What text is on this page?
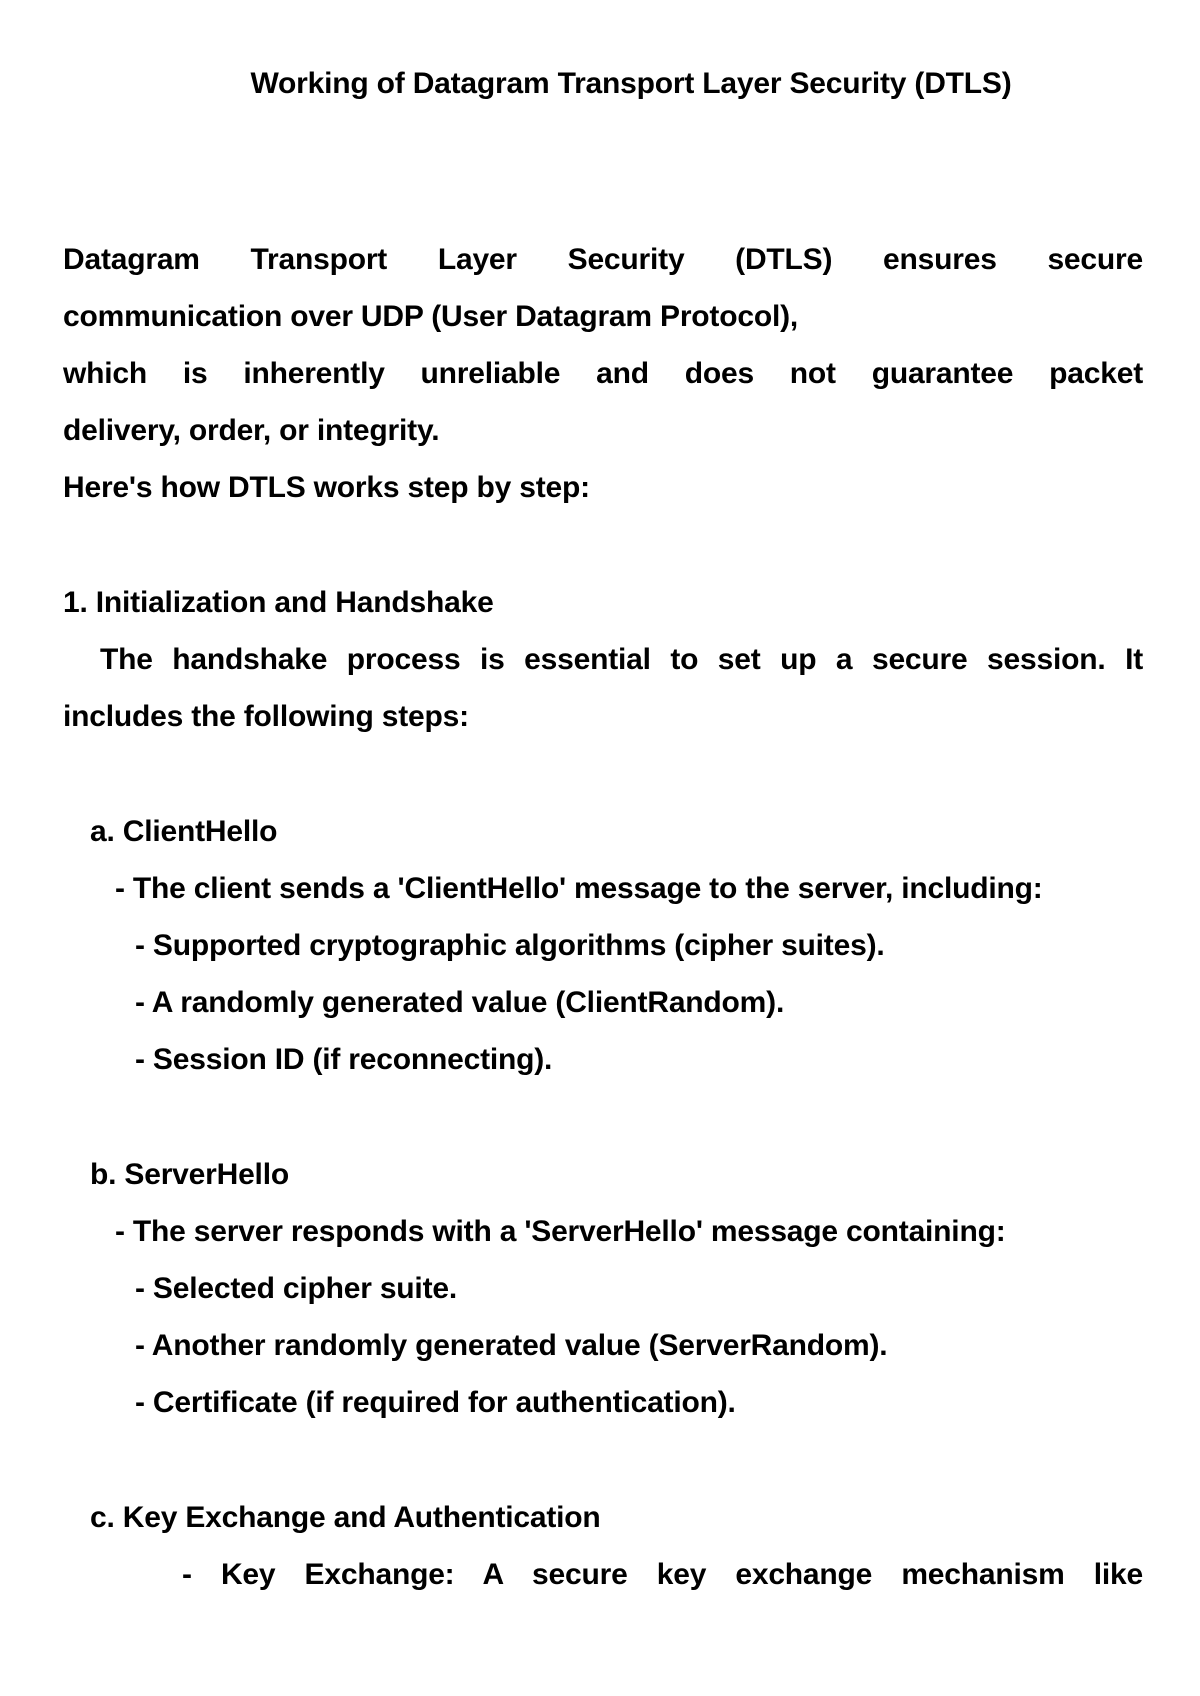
Working of Datagram Transport Layer Security (DTLS)
Datagram Transport Layer Security (DTLS) ensures secure
communication over UDP (User Datagram Protocol),
which is inherently unreliable and does not guarantee packet
delivery, order, or integrity.
Here's how DTLS works step by step:
1. Initialization and Handshake
The handshake process is essential to set up a secure session. It
includes the following steps:
a. ClientHello
- The client sends a 'ClientHello' message to the server, including:
- Supported cryptographic algorithms (cipher suites).
- A randomly generated value (ClientRandom).
- Session ID (if reconnecting).
b. ServerHello
- The server responds with a 'ServerHello' message containing:
- Selected cipher suite.
- Another randomly generated value (ServerRandom).
- Certificate (if required for authentication).
c. Key Exchange and Authentication
- Key Exchange: A secure key exchange mechanism like
